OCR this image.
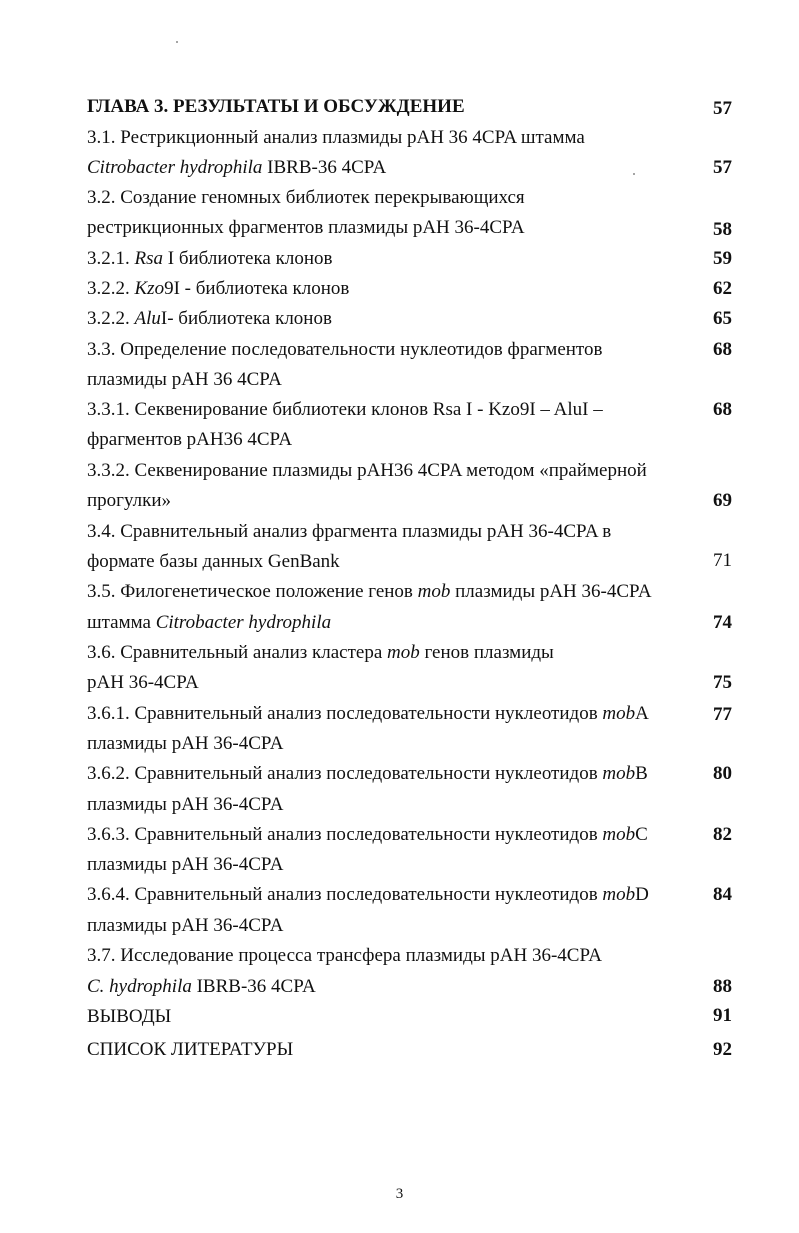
ГЛАВА 3. РЕЗУЛЬТАТЫ И ОБСУЖДЕНИЕ	57
3.1. Рестрикционный анализ плазмиды pAH 36 4CPA штамма
Citrobacter hydrophila IBRB-36 4CPA	57
3.2. Создание геномных библиотек перекрывающихся
рестрикционных фрагментов плазмиды pAH 36-4CPA	58
3.2.1. Rsa I библиотека клонов	59
3.2.2. Kzo9I - библиотека клонов	62
3.2.2. AluI- библиотека клонов	65
3.3. Определение последовательности нуклеотидов фрагментов	68
плазмиды pAH 36 4CPA
3.3.1. Секвенирование библиотеки клонов Rsa I - Kzo9I – AluI –	68
фрагментов pAH36 4CPA
3.3.2. Секвенирование плазмиды pAH36 4CPA методом «праймерной
прогулки»	69
3.4. Сравнительный анализ фрагмента плазмиды pAH 36-4CPA в
формате базы данных GenBank	71
3.5. Филогенетическое положение генов mob плазмиды pAH 36-4CPA
штамма Citrobacter hydrophila	74
3.6. Сравнительный анализ кластера mob генов плазмиды
pAH 36-4CPA	75
3.6.1. Сравнительный анализ последовательности нуклеотидов mobA	77
плазмиды pAH 36-4CPA
3.6.2. Сравнительный анализ последовательности нуклеотидов mobB	80
плазмиды pAH 36-4CPA
3.6.3. Сравнительный анализ последовательности нуклеотидов mobC	82
плазмиды pAH 36-4CPA
3.6.4. Сравнительный анализ последовательности нуклеотидов mobD	84
плазмиды pAH 36-4CPA
3.7. Исследование процесса трансфера плазмиды pAH 36-4CPA
C. hydrophila IBRB-36 4CPA	88
ВЫВОДЫ	91
СПИСОК ЛИТЕРАТУРЫ	92
3
